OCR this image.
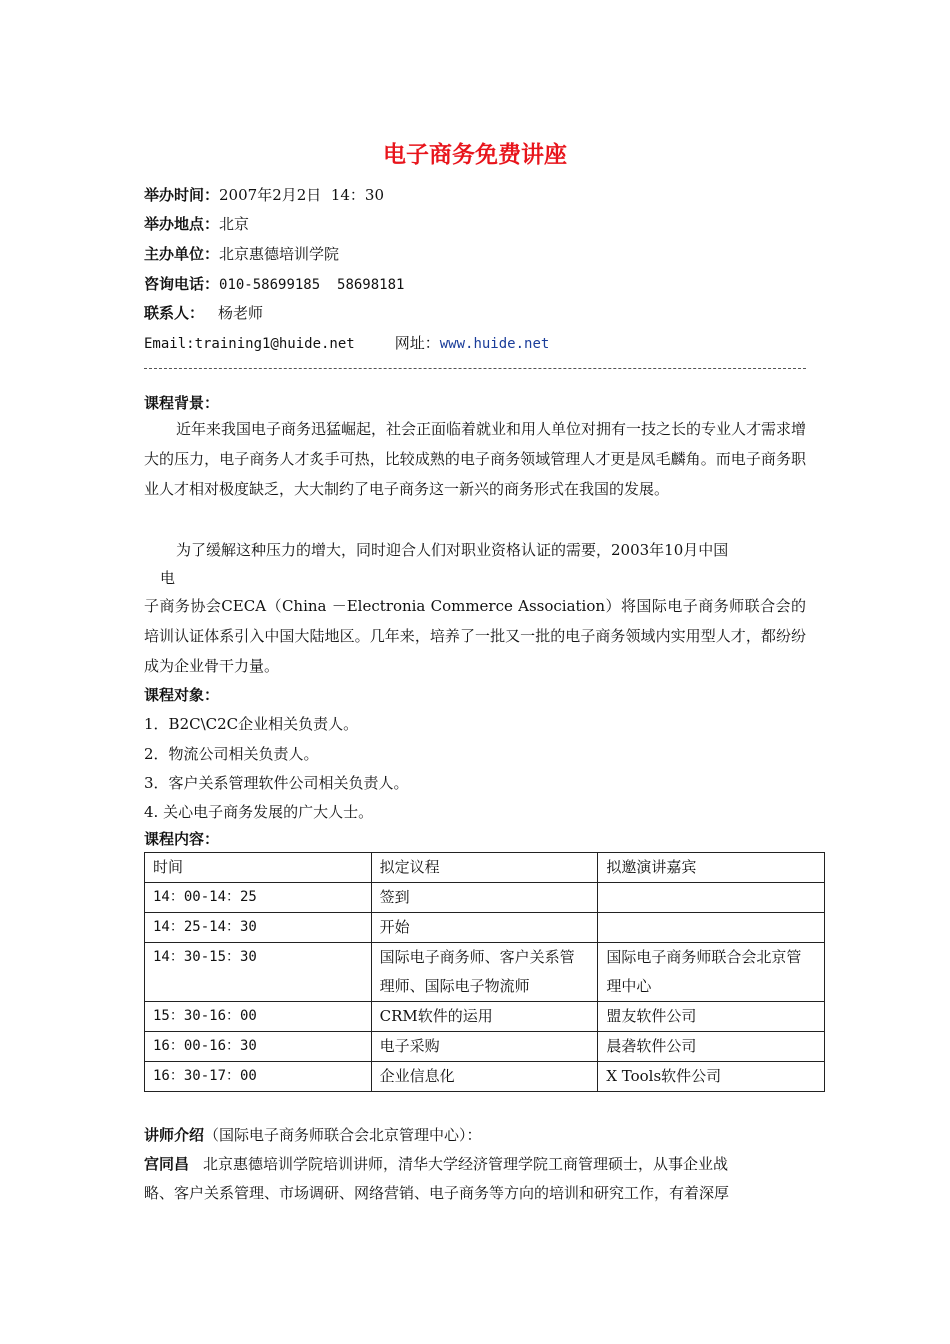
电子商务免费讲座
举办时间：2007年2月2日  14：30
举办地点：北京
主办单位：北京惠德培训学院
咨询电话：010-58699185  58698181
联系人： 杨老师
Email:training1@huide.net	网址：www.huide.net
课程背景：
近年来我国电子商务迅猛崛起，社会正面临着就业和用人单位对拥有一技之长的专业人才需求增大的压力，电子商务人才炙手可热，比较成熟的电子商务领域管理人才更是凤毛麟角。而电子商务职业人才相对极度缺乏，大大制约了电子商务这一新兴的商务形式在我国的发展。
为了缓解这种压力的增大，同时迎合人们对职业资格认证的需要，2003年10月中国
电
子商务协会CECA（China －Electronia Commerce Association）将国际电子商务师联合会的培训认证体系引入中国大陆地区。几年来，培养了一批又一批的电子商务领域内实用型人才，都纷纷成为企业骨干力量。
课程对象：
1．B2C\C2C企业相关负责人。
2．物流公司相关负责人。
3．客户关系管理软件公司相关负责人。
4. 关心电子商务发展的广大人士。
课程内容：
时间	拟定议程	拟邀演讲嘉宾
14：00-14：25	签到	
14：25-14：30	开始	
14：30-15：30	国际电子商务师、客户关系管理师、国际电子物流师	国际电子商务师联合会北京管理中心
15：30-16：00	CRM软件的运用	盟友软件公司
16：00-16：30	电子采购	晨砻软件公司
16：30-17：00	企业信息化	X Tools软件公司
讲师介绍（国际电子商务师联合会北京管理中心）：
宫同昌 北京惠德培训学院培训讲师，清华大学经济管理学院工商管理硕士，从事企业战
略、客户关系管理、市场调研、网络营销、电子商务等方向的培训和研究工作，有着深厚
